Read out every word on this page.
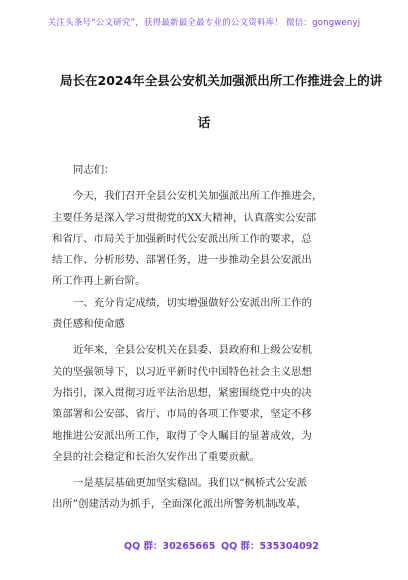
关注头条号“公文研究”，获得最新最全最专业的公文资料库！ 微信：gongwenyj
局长在2024年全县公安机关加强派出所工作推进会上的讲
话

同志们：

今天，我们召开全县公安机关加强派出所工作推进会，
主要任务是深入学习贯彻党的XX大精神，认真落实公安部
和省厅、市局关于加强新时代公安派出所工作的要求，总
结工作、分析形势、部署任务，进一步推动全县公安派出
所工作再上新台阶。

一、充分肯定成绩，切实增强做好公安派出所工作的
责任感和使命感

近年来，全县公安机关在县委、县政府和上级公安机
关的坚强领导下，以习近平新时代中国特色社会主义思想
为指引，深入贯彻习近平法治思想，紧密围绕党中央的决
策部署和公安部、省厅、市局的各项工作要求，坚定不移
地推进公安派出所工作，取得了令人瞩目的显著成效，为
全县的社会稳定和长治久安作出了重要贡献。

一是基层基础更加坚实稳固。我们以“枫桥式公安派
出所”创建活动为抓手，全面深化派出所警务机制改革，

QQ 群：30265665 QQ 群：535304092
